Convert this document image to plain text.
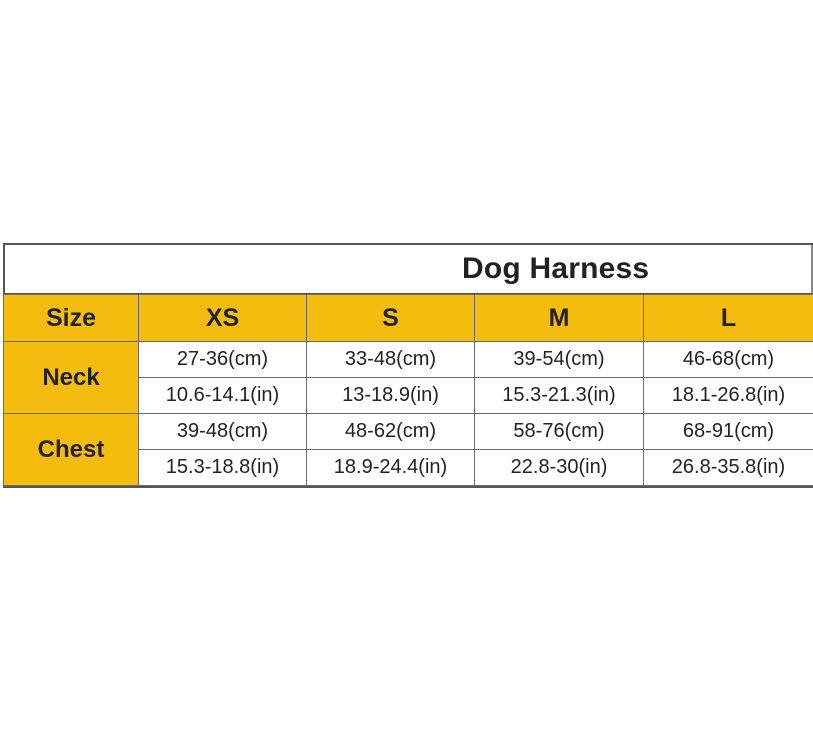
Dog Harness
Size	XS	S	M	L
Neck	27-36(cm)	33-48(cm)	39-54(cm)	46-68(cm)
	10.6-14.1(in)	13-18.9(in)	15.3-21.3(in)	18.1-26.8(in)
Chest	39-48(cm)	48-62(cm)	58-76(cm)	68-91(cm)
	15.3-18.8(in)	18.9-24.4(in)	22.8-30(in)	26.8-35.8(in)
